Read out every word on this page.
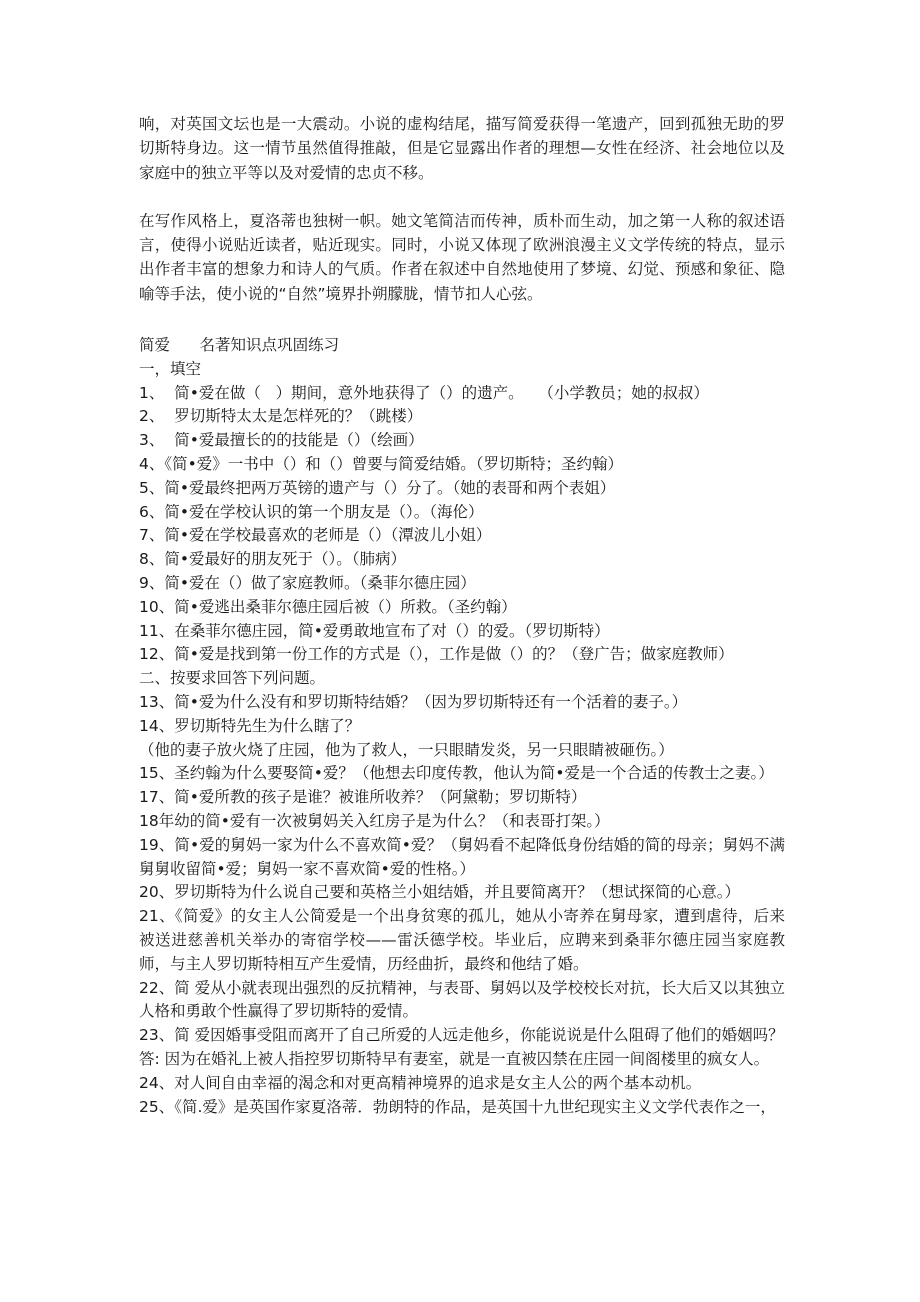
响，对英国文坛也是一大震动。小说的虚构结尾，描写简爱获得一笔遗产，回到孤独无助的罗切斯特身边。这一情节虽然值得推敲，但是它显露出作者的理想—女性在经济、社会地位以及家庭中的独立平等以及对爱情的忠贞不移。

在写作风格上，夏洛蒂也独树一帜。她文笔简洁而传神，质朴而生动，加之第一人称的叙述语言，使得小说贴近读者，贴近现实。同时，小说又体现了欧洲浪漫主义文学传统的特点，显示出作者丰富的想象力和诗人的气质。作者在叙述中自然地使用了梦境、幻觉、预感和象征、隐喻等手法，使小说的“自然”境界扑朔朦胧，情节扣人心弦。

简爱      名著知识点巩固练习

一，填空

1、  简•爱在做（   ）期间，意外地获得了（）的遗产。   （小学教员；她的叔叔）

2、  罗切斯特太太是怎样死的？（跳楼）

3、  简•爱最擅长的的技能是（）（绘画）

4、《简•爱》一书中（）和（）曾要与简爱结婚。（罗切斯特；圣约翰）

5、简•爱最终把两万英镑的遗产与（）分了。（她的表哥和两个表姐）

6、简•爱在学校认识的第一个朋友是（）。（海伦）

7、简•爱在学校最喜欢的老师是（）（潭波儿小姐）

8、简•爱最好的朋友死于（）。（肺病）

9、简•爱在（）做了家庭教师。（桑菲尔德庄园）

10、简•爱逃出桑菲尔德庄园后被（）所救。（圣约翰）

11、在桑菲尔德庄园，简•爱勇敢地宣布了对（）的爱。（罗切斯特）

12、简•爱是找到第一份工作的方式是（），工作是做（）的？（登广告；做家庭教师）

二、按要求回答下列问题。

13、简•爱为什么没有和罗切斯特结婚？（因为罗切斯特还有一个活着的妻子。）

14、罗切斯特先生为什么瞎了？

（他的妻子放火烧了庄园，他为了救人，一只眼睛发炎，另一只眼睛被砸伤。）

15、圣约翰为什么要娶简•爱？（他想去印度传教，他认为简•爱是一个合适的传教士之妻。）

17、简•爱所教的孩子是谁？被谁所收养？（阿黛勒；罗切斯特）

18年幼的简•爱有一次被舅妈关入红房子是为什么？（和表哥打架。）

19、简•爱的舅妈一家为什么不喜欢简•爱？（舅妈看不起降低身份结婚的简的母亲；舅妈不满舅舅收留简•爱；舅妈一家不喜欢简•爱的性格。）

20、罗切斯特为什么说自己要和英格兰小姐结婚，并且要简离开？（想试探简的心意。）

21、《简爱》的女主人公简爱是一个出身贫寒的孤儿，她从小寄养在舅母家，遭到虐待，后来被送进慈善机关举办的寄宿学校——雷沃德学校。毕业后，应聘来到桑菲尔德庄园当家庭教师，与主人罗切斯特相互产生爱情，历经曲折，最终和他结了婚。

22、简 爱从小就表现出强烈的反抗精神，与表哥、舅妈以及学校校长对抗，长大后又以其独立人格和勇敢个性赢得了罗切斯特的爱情。

23、简 爱因婚事受阻而离开了自己所爱的人远走他乡，你能说说是什么阻碍了他们的婚姻吗？

答: 因为在婚礼上被人指控罗切斯特早有妻室，就是一直被囚禁在庄园一间阁楼里的疯女人。

24、对人间自由幸福的渴念和对更高精神境界的追求是女主人公的两个基本动机。

25、《简.爱》是英国作家夏洛蒂．勃朗特的作品，是英国十九世纪现实主义文学代表作之一，
